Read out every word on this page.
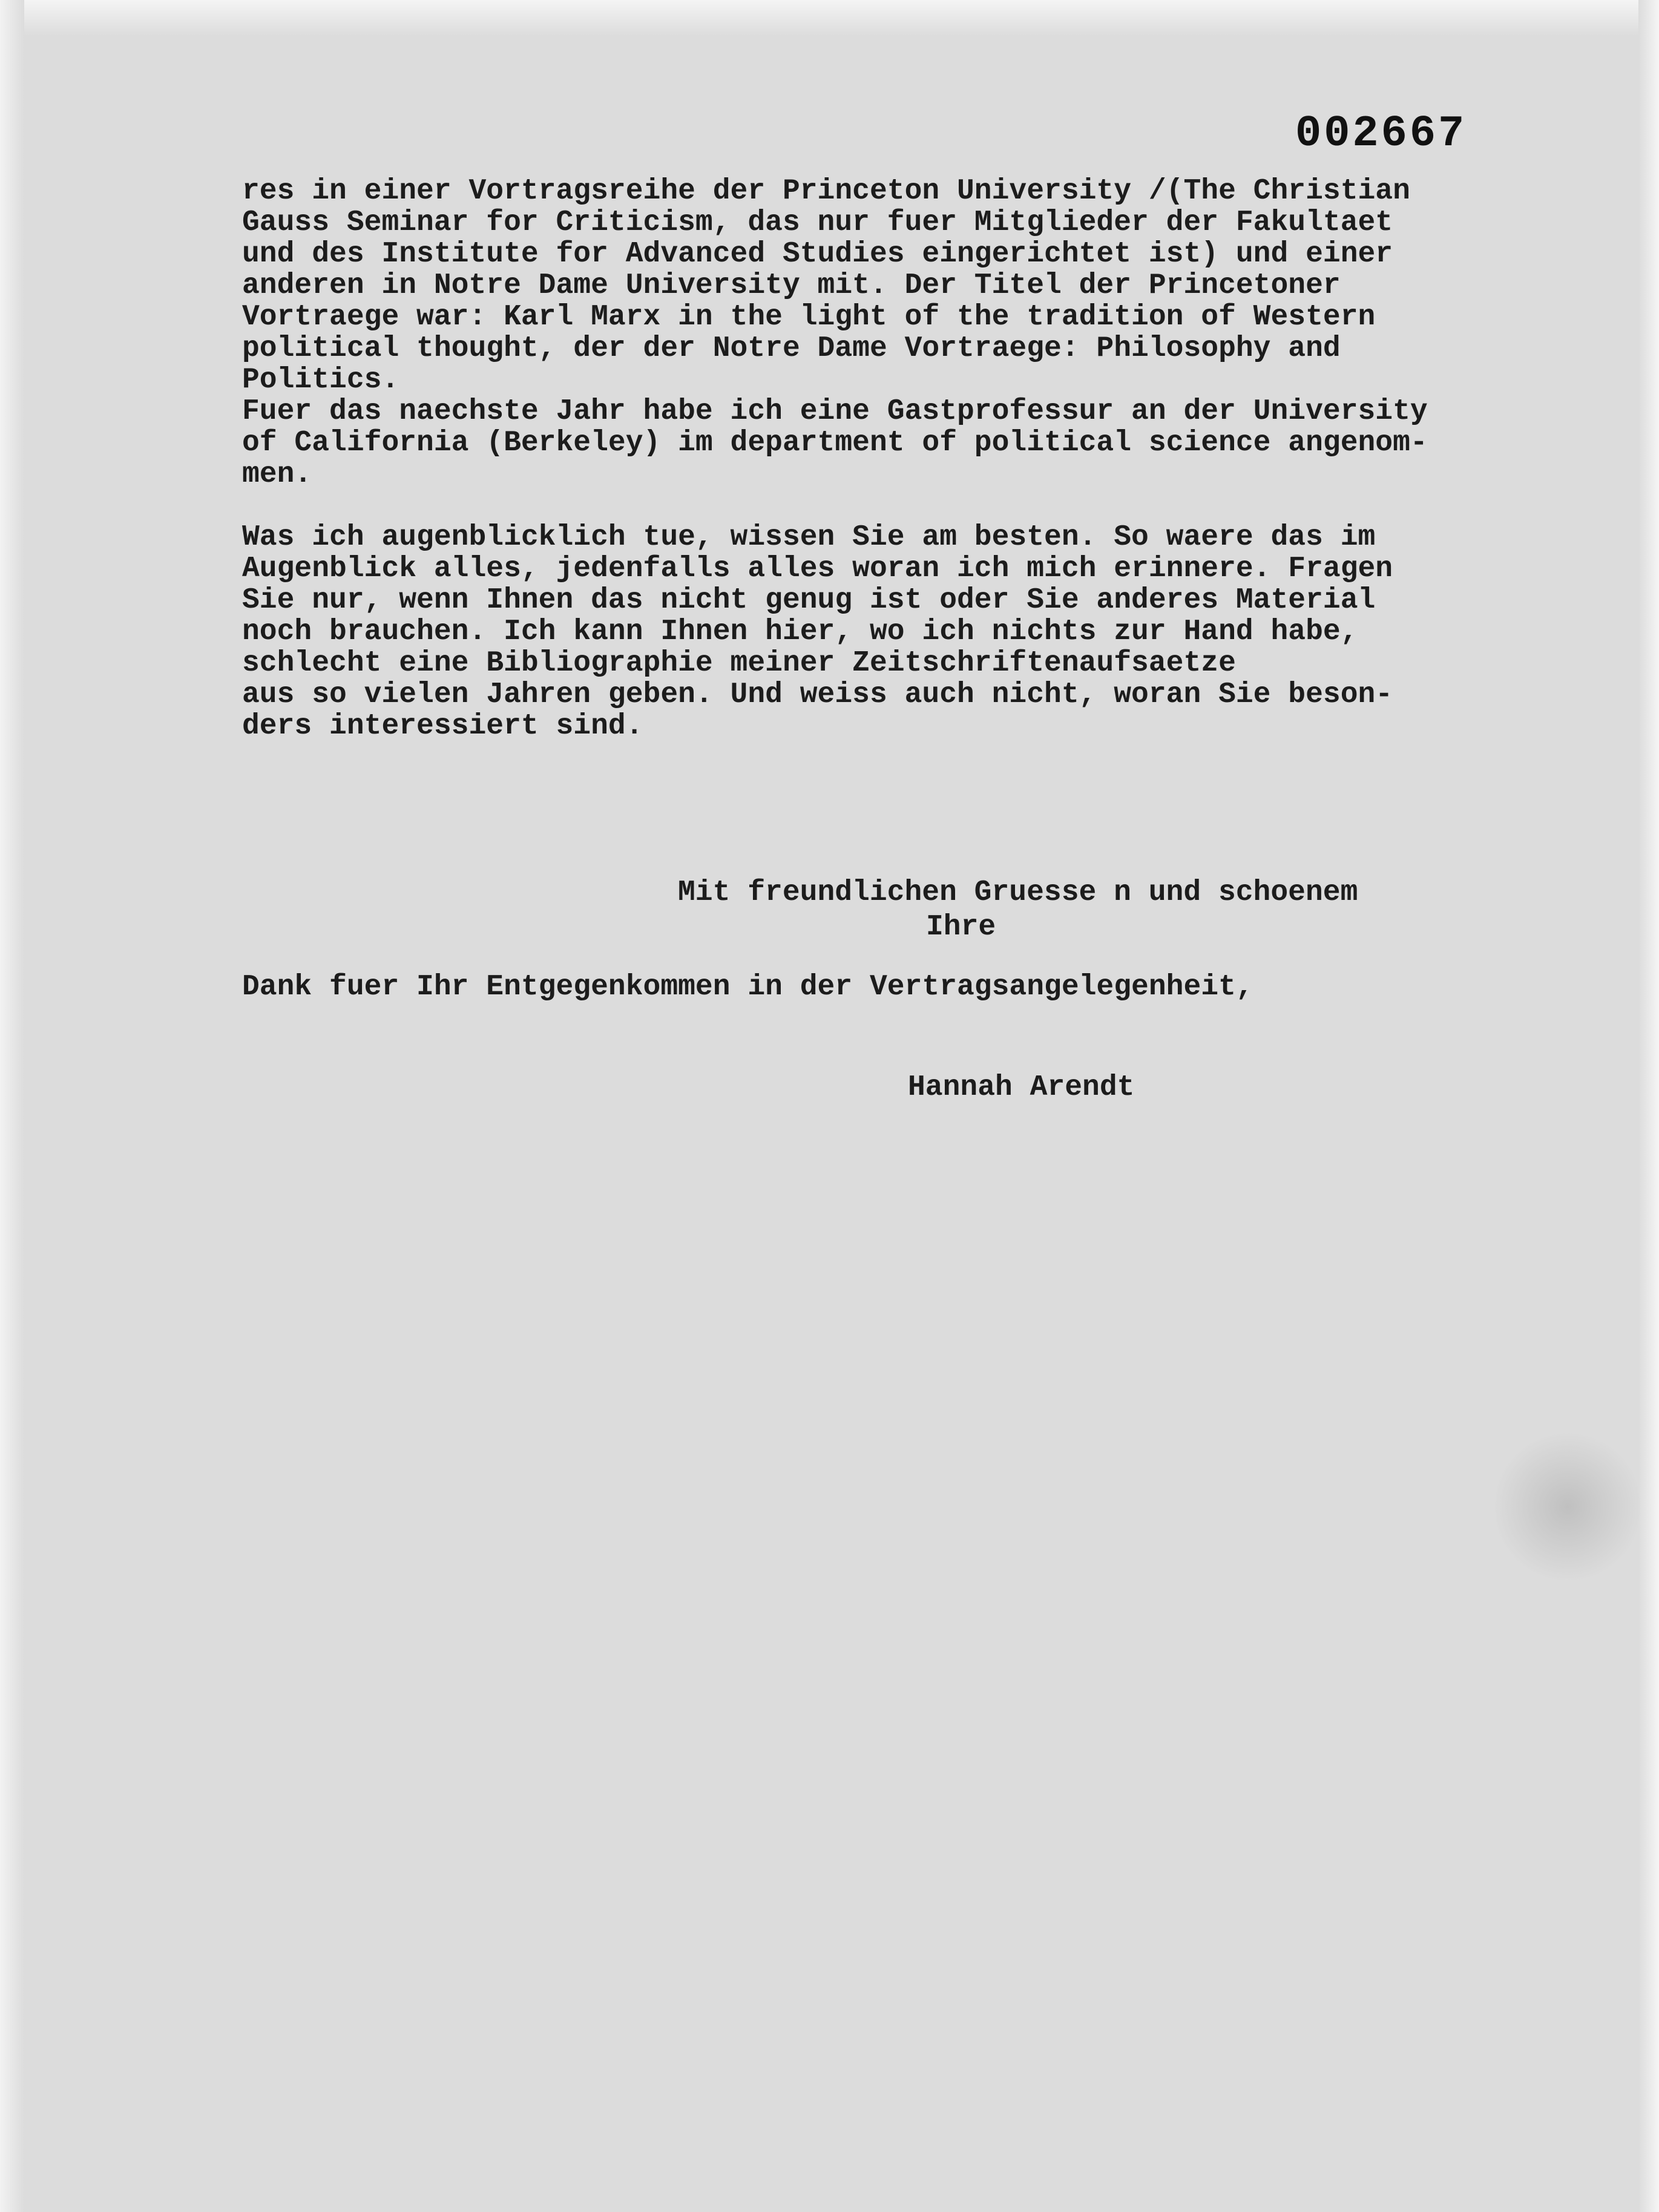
002667
res in einer Vortragsreihe der Princeton University /(The Christian
Gauss Seminar for Criticism, das nur fuer Mitglieder der Fakultaet
und des Institute for Advanced Studies eingerichtet ist) und einer
anderen in Notre Dame University mit. Der Titel der Princetoner
Vortraege war: Karl Marx in the light of the tradition of Western
political thought, der der Notre Dame Vortraege: Philosophy and
Politics.
Fuer das naechste Jahr habe ich eine Gastprofessur an der University
of California (Berkeley) im department of political science angenom-
men.
Was ich augenblicklich tue, wissen Sie am besten. So waere das im
Augenblick alles, jedenfalls alles woran ich mich erinnere. Fragen
Sie nur, wenn Ihnen das nicht genug ist oder Sie anderes Material
noch brauchen. Ich kann Ihnen hier, wo ich nichts zur Hand habe,
schlecht eine Bibliographie meiner Zeitschriftenaufsaetze
aus so vielen Jahren geben. Und weiss auch nicht, woran Sie beson-
ders interessiert sind.

Mit freundlichen Gruesse n und schoenem

Dank fuer Ihr Entgegenkommen in der Vertragsangelegenheit,

Ihre
Hannah Arendt
